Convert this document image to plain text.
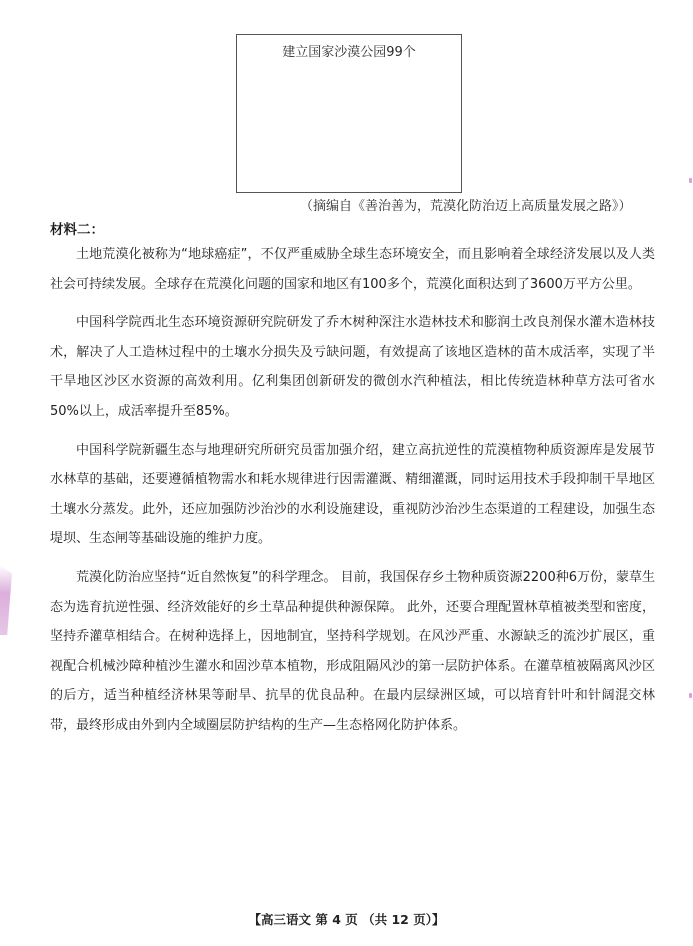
建立国家沙漠公园99个
（摘编自《善治善为，荒漠化防治迈上高质量发展之路》）
材料二：

土地荒漠化被称为“地球癌症”，不仅严重威胁全球生态环境安全，而且影响着全球经济发展以及人类社会可持续发展。全球存在荒漠化问题的国家和地区有100多个，荒漠化面积达到了3600万平方公里。

中国科学院西北生态环境资源研究院研发了乔木树种深注水造林技术和膨润土改良剂保水灌木造林技术，解决了人工造林过程中的土壤水分损失及亏缺问题，有效提高了该地区造林的苗木成活率，实现了半干旱地区沙区水资源的高效利用。亿利集团创新研发的微创水汽种植法，相比传统造林种草方法可省水50%以上，成活率提升至85%。

中国科学院新疆生态与地理研究所研究员雷加强介绍，建立高抗逆性的荒漠植物种质资源库是发展节水林草的基础，还要遵循植物需水和耗水规律进行因需灌溉、精细灌溉，同时运用技术手段抑制干旱地区土壤水分蒸发。此外，还应加强防沙治沙的水利设施建设，重视防沙治沙生态渠道的工程建设，加强生态堤坝、生态闸等基础设施的维护力度。

荒漠化防治应坚持“近自然恢复”的科学理念。 目前，我国保存乡土物种质资源2200种6万份，蒙草生态为选育抗逆性强、经济效能好的乡土草品种提供种源保障。 此外，还要合理配置林草植被类型和密度，坚持乔灌草相结合。在树种选择上，因地制宜，坚持科学规划。在风沙严重、水源缺乏的流沙扩展区，重视配合机械沙障种植沙生灌水和固沙草本植物，形成阻隔风沙的第一层防护体系。在灌草植被隔离风沙区的后方，适当种植经济林果等耐旱、抗旱的优良品种。在最内层绿洲区域，可以培育针叶和针阔混交林带，最终形成由外到内全域圈层防护结构的生产—生态格网化防护体系。

【高三语文 第 4 页 （共 12 页）】
